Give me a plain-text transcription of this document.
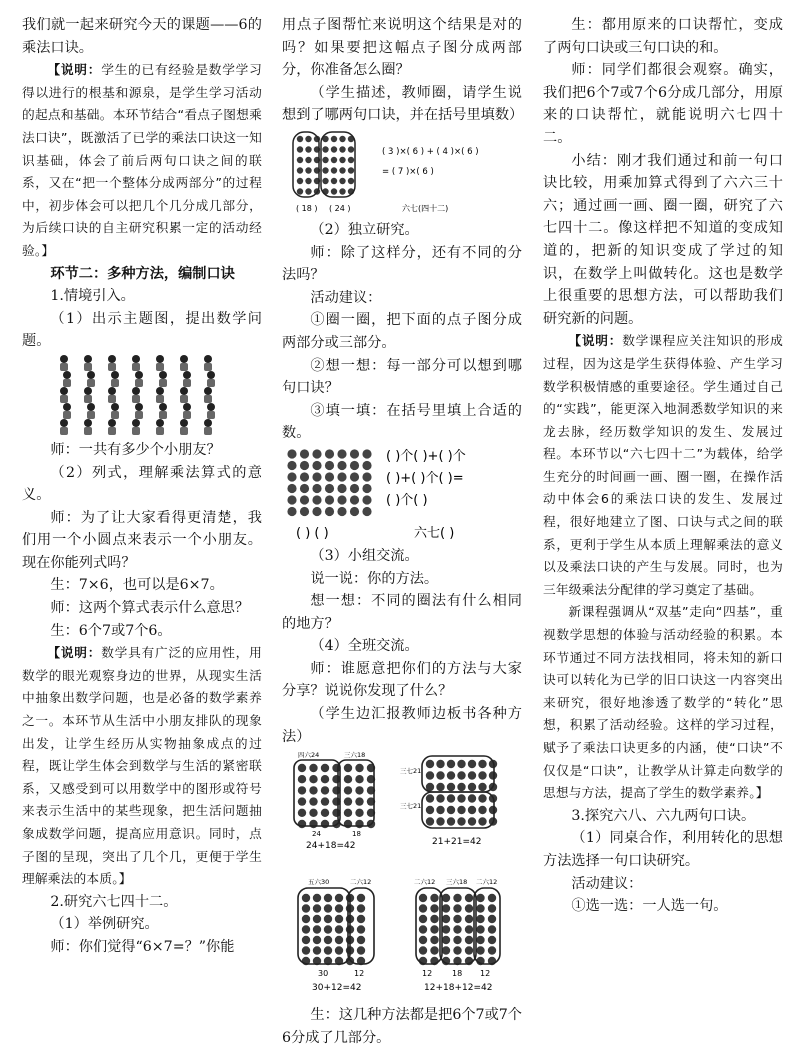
我们就一起来研究今天的课题——6的乘法口诀。

【说明：学生的已有经验是数学学习得以进行的根基和源泉，是学生学习活动的起点和基础。本环节结合“看点子图想乘法口诀”，既激活了已学的乘法口诀这一知识基础，体会了前后两句口诀之间的联系，又在“把一个整体分成两部分”的过程中，初步体会可以把几个几分成几部分，为后续口诀的自主研究积累一定的活动经验。】

环节二：多种方法，编制口诀

1.情境引入。

（1）出示主题图，提出数学问题。

师：一共有多少个小朋友？

（2）列式，理解乘法算式的意义。

师：为了让大家看得更清楚，我们用一个小圆点来表示一个小朋友。现在你能列式吗？

生：7×6，也可以是6×7。

师：这两个算式表示什么意思？

生：6个7或7个6。

【说明：数学具有广泛的应用性，用数学的眼光观察身边的世界，从现实生活中抽象出数学问题，也是必备的数学素养之一。本环节从生活中小朋友排队的现象出发，让学生经历从实物抽象成点的过程，既让学生体会到数学与生活的紧密联系，又感受到可以用数学中的图形或符号来表示生活中的某些现象，把生活问题抽象成数学问题，提高应用意识。同时，点子图的呈现，突出了几个几，更便于学生理解乘法的本质。】

2.研究六七四十二。

（1）举例研究。

师：你们觉得“6×7=？”你能

用点子图帮忙来说明这个结果是对的吗？如果要把这幅点子图分成两部分，你准备怎么圈？

（学生描述，教师圈，请学生说想到了哪两句口诀，并在括号里填数）

( 3 )×( 6 ) + ( 4 )×( 6 )
= ( 7 )×( 6 )
( 18 ) ( 24 )	六七(四十二)

（2）独立研究。

师：除了这样分，还有不同的分法吗？

活动建议：

①圈一圈，把下面的点子图分成两部分或三部分。

②想一想：每一部分可以想到哪句口诀？

③填一填：在括号里填上合适的数。

( )个( )+( )个
( )+( )个( )=
( )个( )
( ) ( )	六七( )

（3）小组交流。

说一说：你的方法。

想一想：不同的圈法有什么相同的地方？

（4）全班交流。

师：谁愿意把你们的方法与大家分享？说说你发现了什么？

（学生边汇报教师边板书各种方法）

四六24	三六18
24	18
24+18=42
三七21
三七21
21+21=42
五六30	二六12
30	12
30+12=42
二六12 三六18 二六12
12 18 12
12+18+12=42

生：这几种方法都是把6个7或7个6分成了几部分。

生：都用原来的口诀帮忙，变成了两句口诀或三句口诀的和。

师：同学们都很会观察。确实，我们把6个7或7个6分成几部分，用原来的口诀帮忙，就能说明六七四十二。

小结：刚才我们通过和前一句口诀比较，用乘加算式得到了六六三十六；通过画一画、圈一圈，研究了六七四十二。像这样把不知道的变成知道的，把新的知识变成了学过的知识，在数学上叫做转化。这也是数学上很重要的思想方法，可以帮助我们研究新的问题。

【说明：数学课程应关注知识的形成过程，因为这是学生获得体验、产生学习数学积极情感的重要途径。学生通过自己的“实践”，能更深入地洞悉数学知识的来龙去脉，经历数学知识的发生、发展过程。本环节以“六七四十二”为载体，给学生充分的时间画一画、圈一圈，在操作活动中体会6的乘法口诀的发生、发展过程，很好地建立了图、口诀与式之间的联系，更利于学生从本质上理解乘法的意义以及乘法口诀的产生与发展。同时，也为三年级乘法分配律的学习奠定了基础。

新课程强调从“双基”走向“四基”，重视数学思想的体验与活动经验的积累。本环节通过不同方法找相同，将未知的新口诀可以转化为已学的旧口诀这一内容突出来研究，很好地渗透了数学的“转化”思想，积累了活动经验。这样的学习过程，赋予了乘法口诀更多的内涵，使“口诀”不仅仅是“口诀”，让教学从计算走向数学的思想与方法，提高了学生的数学素养。】

3.探究六八、六九两句口诀。

（1）同桌合作，利用转化的思想方法选择一句口诀研究。

活动建议：

①选一选：一人选一句。
